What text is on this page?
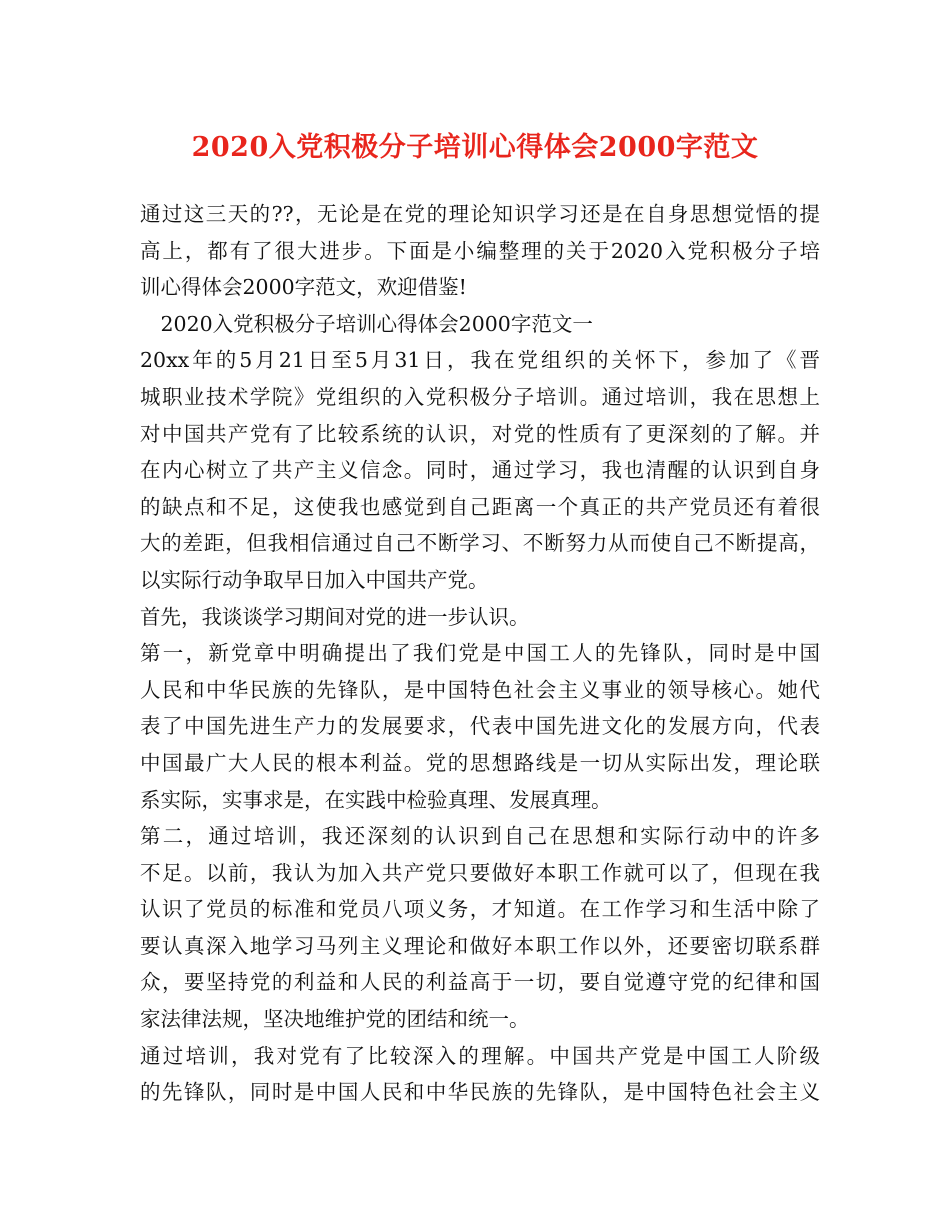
2020入党积极分子培训心得体会2000字范文
通过这三天的??，无论是在党的理论知识学习还是在自身思想觉悟的提
高上，都有了很大进步。下面是小编整理的关于2020入党积极分子培
训心得体会2000字范文，欢迎借鉴!
　2020入党积极分子培训心得体会2000字范文一
20xx年的5月21日至5月31日，我在党组织的关怀下，参加了《晋
城职业技术学院》党组织的入党积极分子培训。通过培训，我在思想上
对中国共产党有了比较系统的认识，对党的性质有了更深刻的了解。并
在内心树立了共产主义信念。同时，通过学习，我也清醒的认识到自身
的缺点和不足，这使我也感觉到自己距离一个真正的共产党员还有着很
大的差距，但我相信通过自己不断学习、不断努力从而使自己不断提高，
以实际行动争取早日加入中国共产党。
首先，我谈谈学习期间对党的进一步认识。
第一，新党章中明确提出了我们党是中国工人的先锋队，同时是中国
人民和中华民族的先锋队，是中国特色社会主义事业的领导核心。她代
表了中国先进生产力的发展要求，代表中国先进文化的发展方向，代表
中国最广大人民的根本利益。党的思想路线是一切从实际出发，理论联
系实际，实事求是，在实践中检验真理、发展真理。
第二，通过培训，我还深刻的认识到自己在思想和实际行动中的许多
不足。以前，我认为加入共产党只要做好本职工作就可以了，但现在我
认识了党员的标准和党员八项义务，才知道。在工作学习和生活中除了
要认真深入地学习马列主义理论和做好本职工作以外，还要密切联系群
众，要坚持党的利益和人民的利益高于一切，要自觉遵守党的纪律和国
家法律法规，坚决地维护党的团结和统一。
通过培训，我对党有了比较深入的理解。中国共产党是中国工人阶级
的先锋队，同时是中国人民和中华民族的先锋队，是中国特色社会主义
